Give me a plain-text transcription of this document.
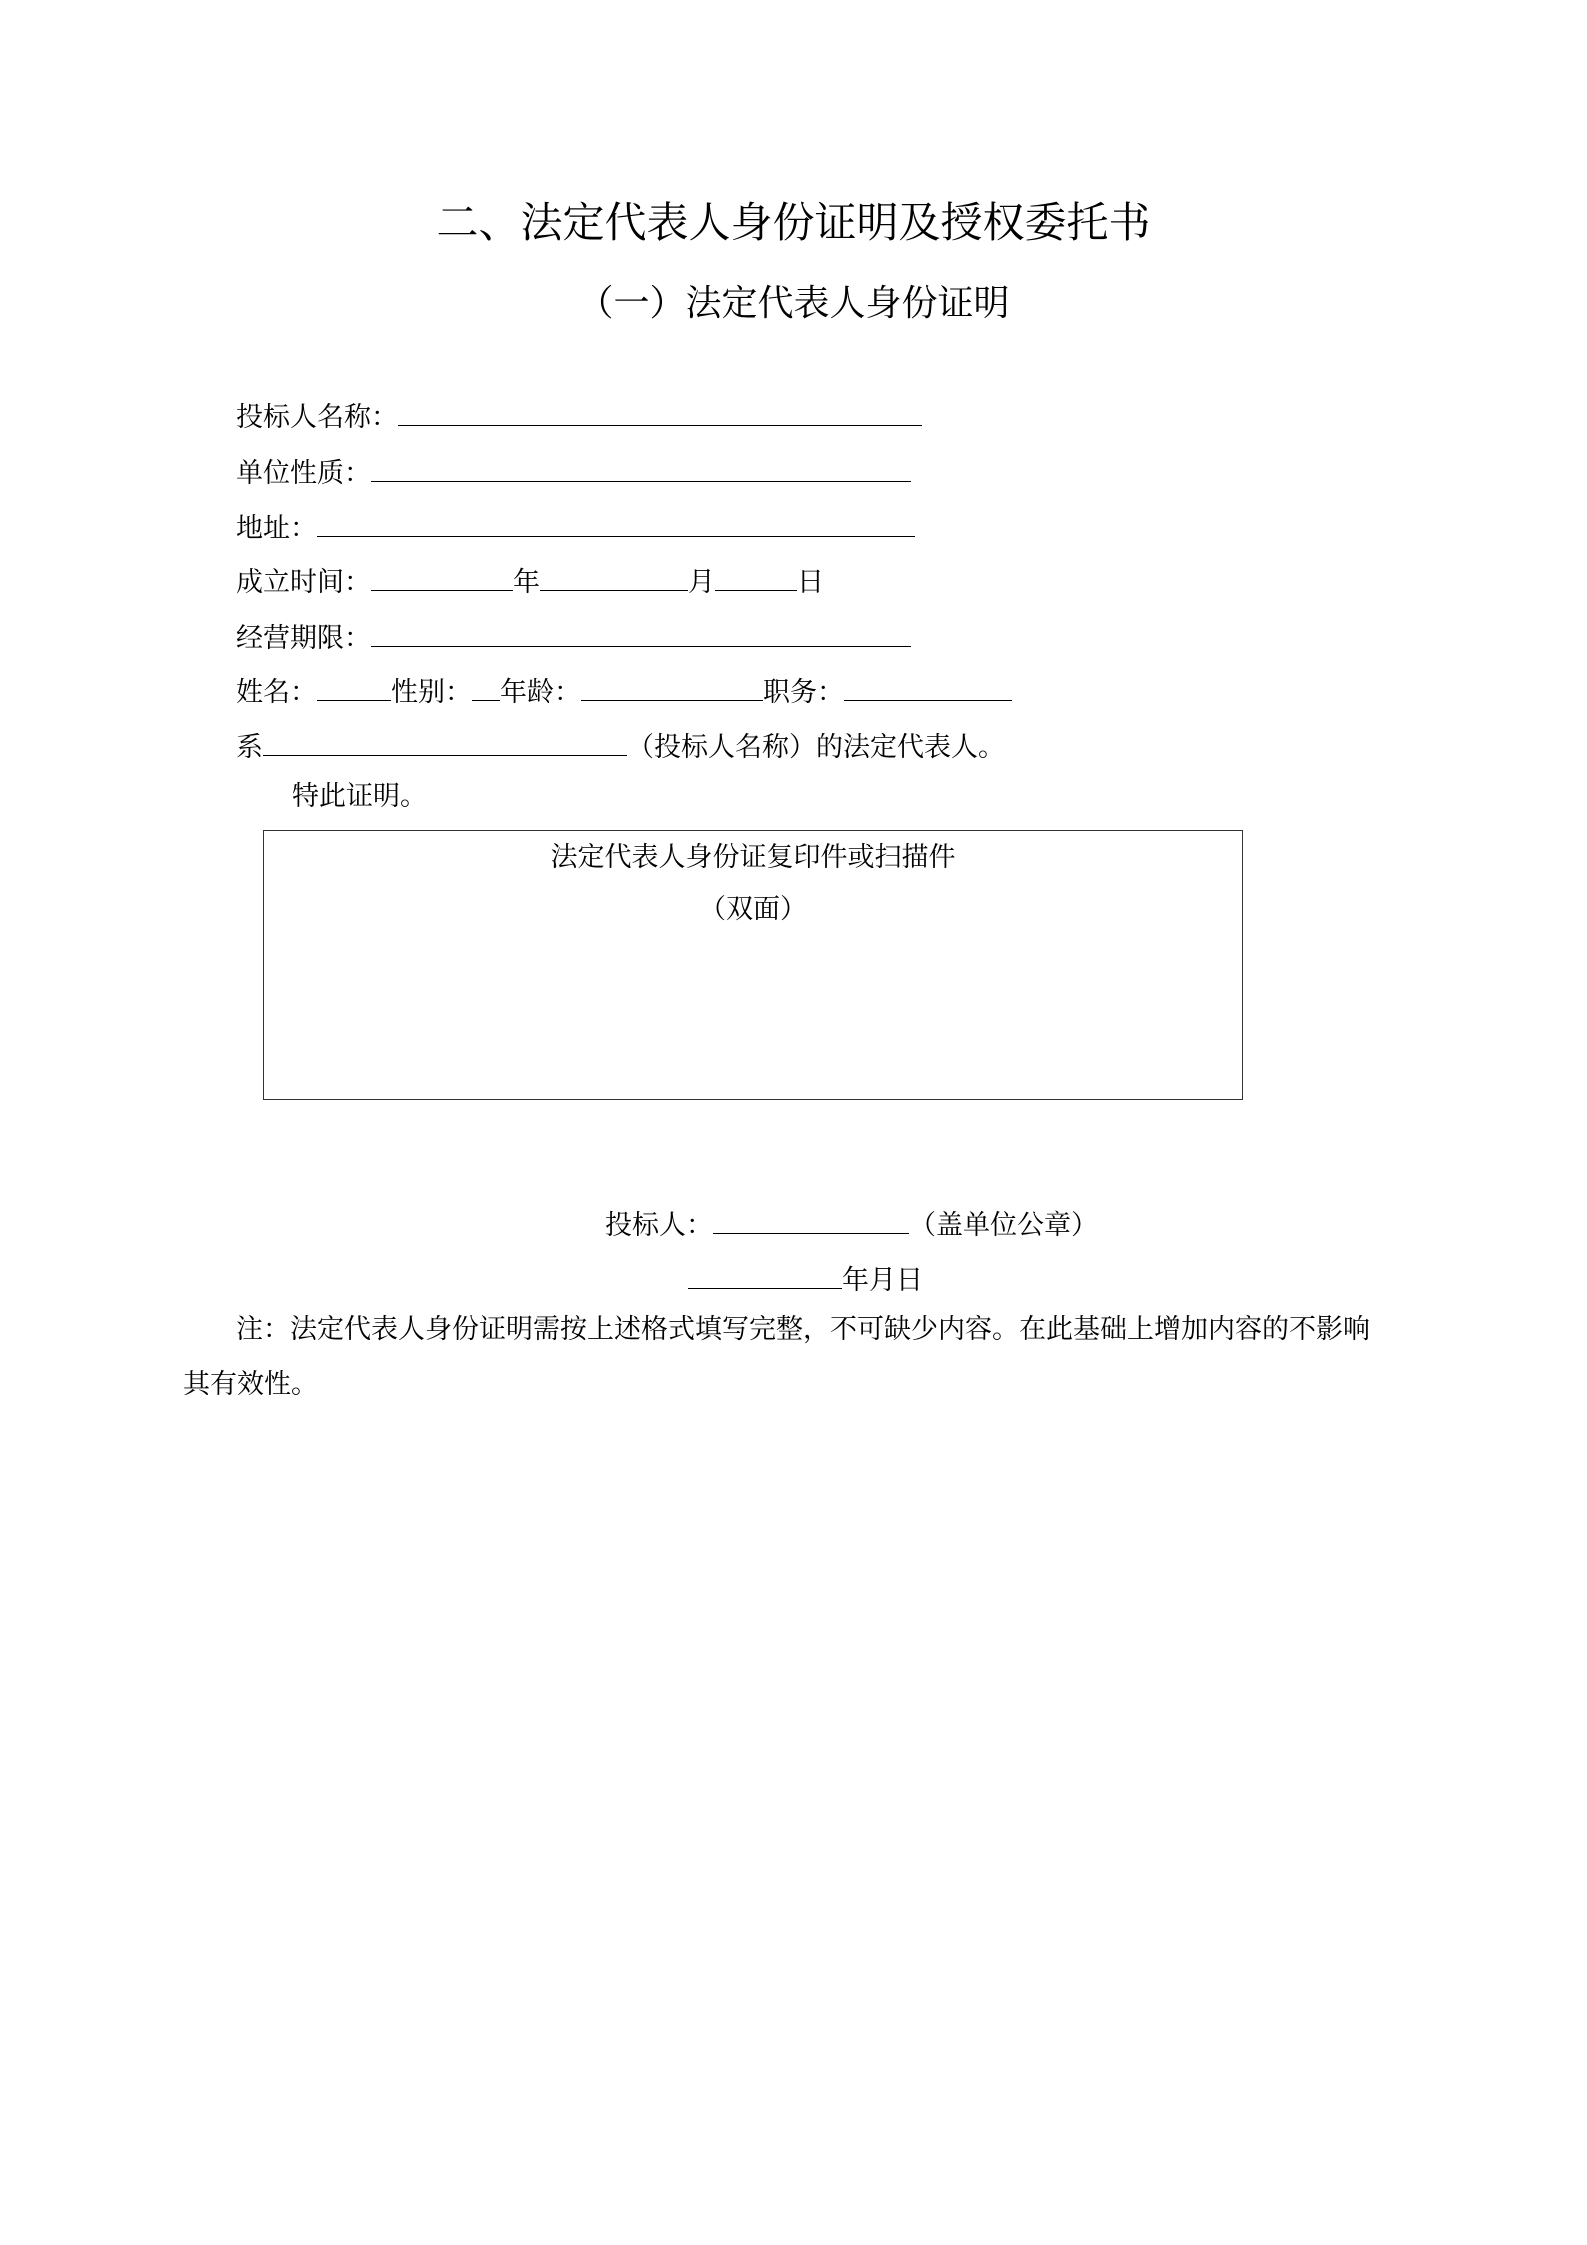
二、法定代表人身份证明及授权委托书
（一）法定代表人身份证明
投标人名称：
单位性质：
地址：
成立时间：	年	月	日
经营期限：
姓名：	性别： 年龄：	职务：
系	（投标人名称）的法定代表人。
特此证明。
法定代表人身份证复印件或扫描件
（双面）
投标人：	（盖单位公章）
年月日
注：法定代表人身份证明需按上述格式填写完整，不可缺少内容。在此基础上增加内容的不影响
其有效性。
